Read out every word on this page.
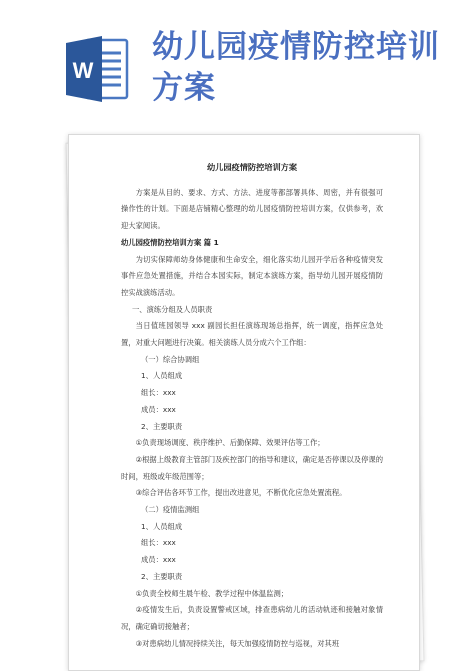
W
幼儿园疫情防控培训方案
幼儿园疫情防控培训方案

方案是从目的、要求、方式、方法、进度等都部署具体、周密，并有很强可操作性的计划。下面是店铺精心整理的幼儿园疫情防控培训方案，仅供参考，欢迎大家阅读。

幼儿园疫情防控培训方案 篇 1

为切实保障师幼身体健康和生命安全，细化落实幼儿园开学后各种疫情突发事件应急处置措施，并结合本园实际，制定本演练方案，指导幼儿园开展疫情防控实战演练活动。

一、演练分组及人员职责

当日值班园领导 xxx 副园长担任演练现场总指挥，统一调度，指挥应急处置，对重大问题进行决策。相关演练人员分成六个工作组：

（一）综合协调组

1、人员组成

组长：xxx

成员：xxx

2、主要职责

①负责现场调度、秩序维护、后勤保障、效果评估等工作；

②根据上级教育主管部门及疾控部门的指导和建议，确定是否停课以及停课的时间，班级或年级范围等；

③综合评估各环节工作，提出改进意见，不断优化应急处置流程。

（二）疫情监测组

1、人员组成

组长：xxx

成员：xxx

2、主要职责

①负责全校师生晨午检、教学过程中体温监测；

②疫情发生后，负责设置警戒区域，排查患病幼儿的活动轨迹和接触对象情况，确定确切接触者；

③对患病幼儿情况持续关注，每天加强疫情防控与巡视，对其班
